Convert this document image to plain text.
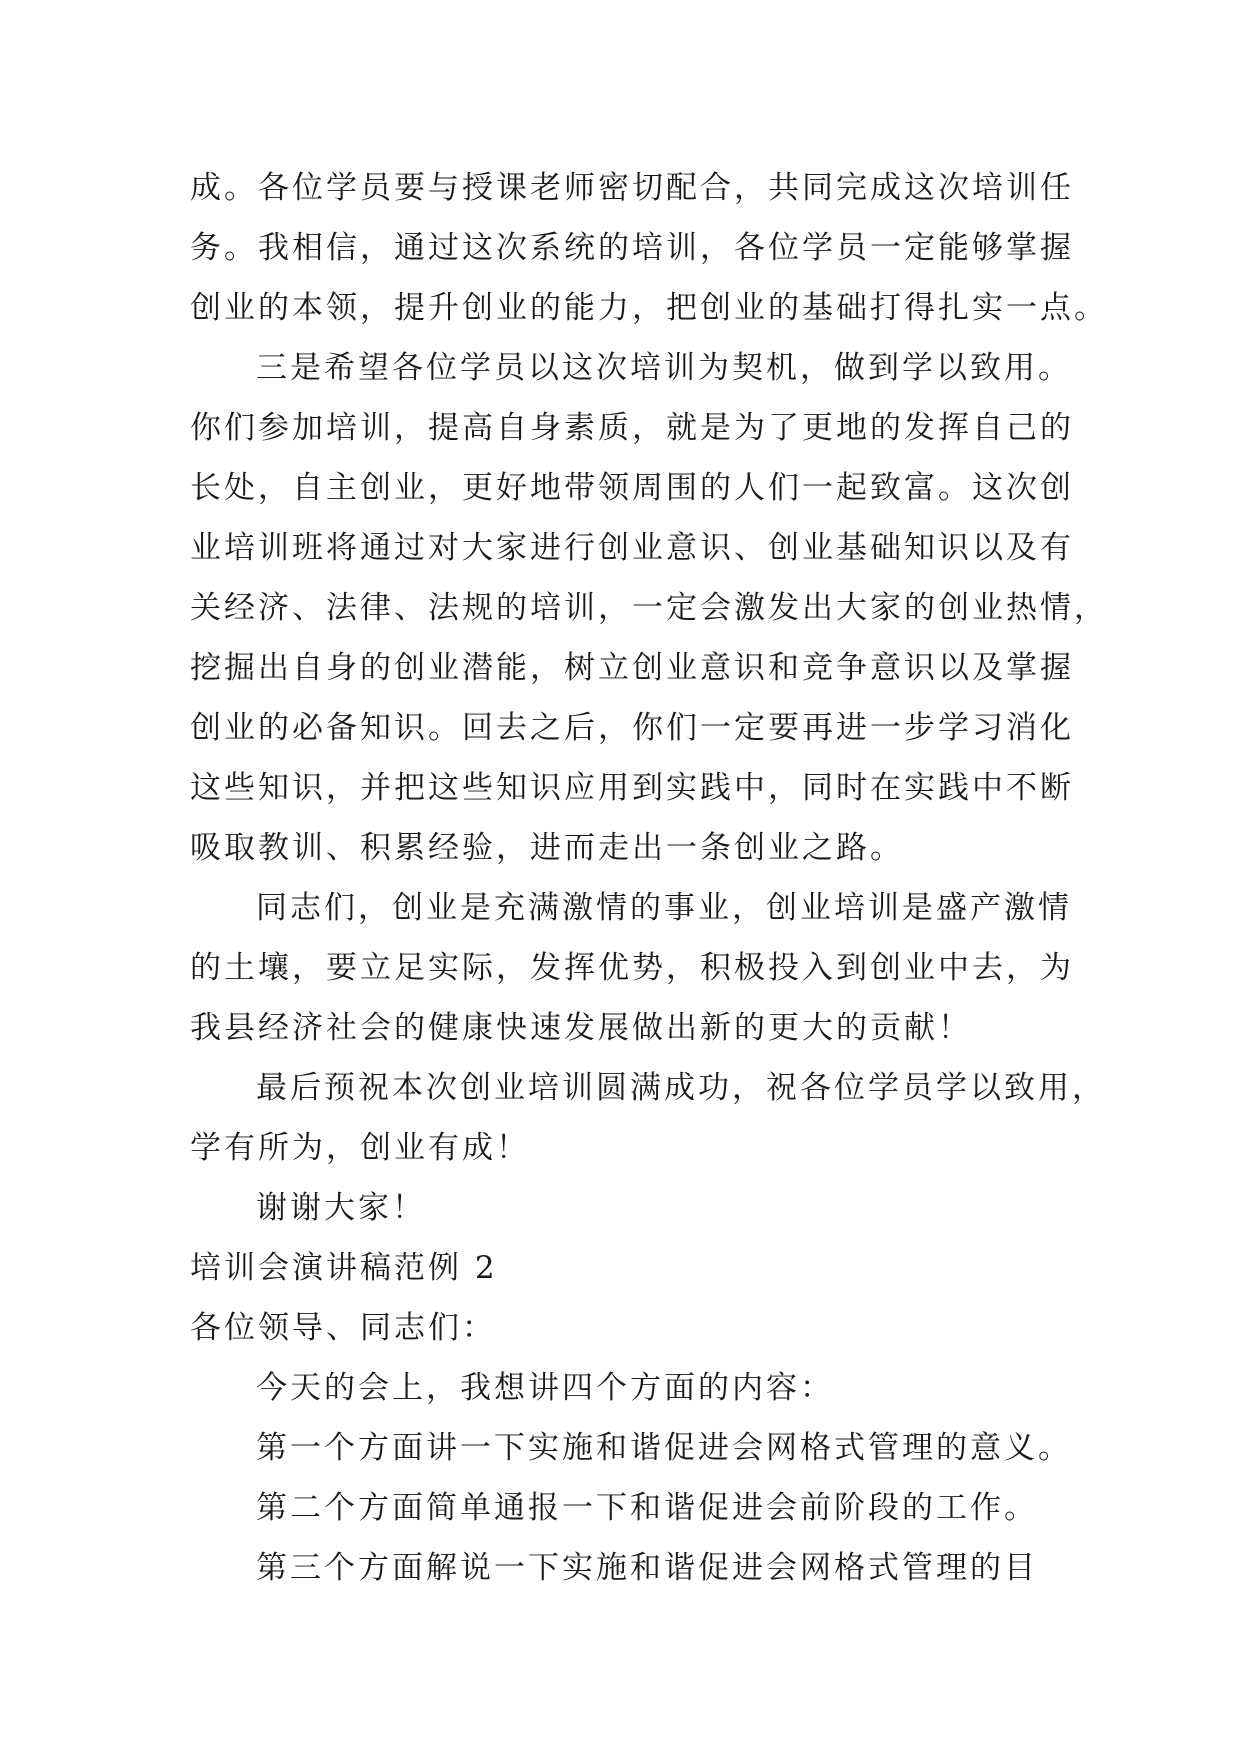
成。各位学员要与授课老师密切配合，共同完成这次培训任
务。我相信，通过这次系统的培训，各位学员一定能够掌握
创业的本领，提升创业的能力，把创业的基础打得扎实一点。
三是希望各位学员以这次培训为契机，做到学以致用。
你们参加培训，提高自身素质，就是为了更地的发挥自己的
长处，自主创业，更好地带领周围的人们一起致富。这次创
业培训班将通过对大家进行创业意识、创业基础知识以及有
关经济、法律、法规的培训，一定会激发出大家的创业热情，
挖掘出自身的创业潜能，树立创业意识和竞争意识以及掌握
创业的必备知识。回去之后，你们一定要再进一步学习消化
这些知识，并把这些知识应用到实践中，同时在实践中不断
吸取教训、积累经验，进而走出一条创业之路。
同志们，创业是充满激情的事业，创业培训是盛产激情
的土壤，要立足实际，发挥优势，积极投入到创业中去，为
我县经济社会的健康快速发展做出新的更大的贡献！
最后预祝本次创业培训圆满成功，祝各位学员学以致用，
学有所为，创业有成！
谢谢大家！
培训会演讲稿范例 2
各位领导、同志们：
今天的会上，我想讲四个方面的内容：
第一个方面讲一下实施和谐促进会网格式管理的意义。
第二个方面简单通报一下和谐促进会前阶段的工作。
第三个方面解说一下实施和谐促进会网格式管理的目
